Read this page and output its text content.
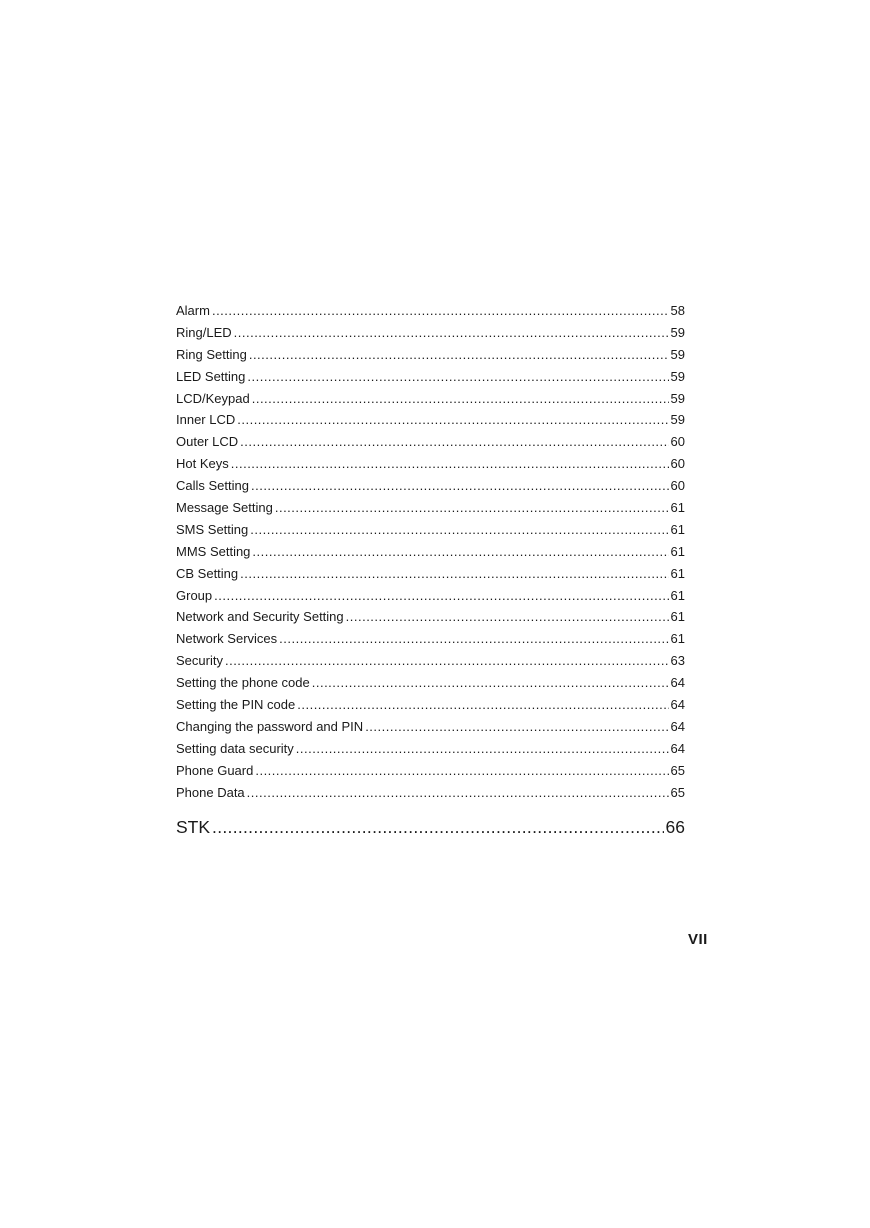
Alarm .....	58
Ring/LED .....	59
Ring Setting .....	59
LED Setting .....	59
LCD/Keypad .....	59
Inner LCD .....	59
Outer LCD .....	60
Hot Keys .....	60
Calls Setting .....	60
Message Setting .....	61
SMS Setting .....	61
MMS Setting .....	61
CB Setting .....	61
Group .....	61
Network and Security Setting .....	61
Network Services .....	61
Security .....	63
Setting the phone code .....	64
Setting the PIN code .....	64
Changing the password and PIN .....	64
Setting data security .....	64
Phone Guard .....	65
Phone Data .....	65
STK .....	66
VII
